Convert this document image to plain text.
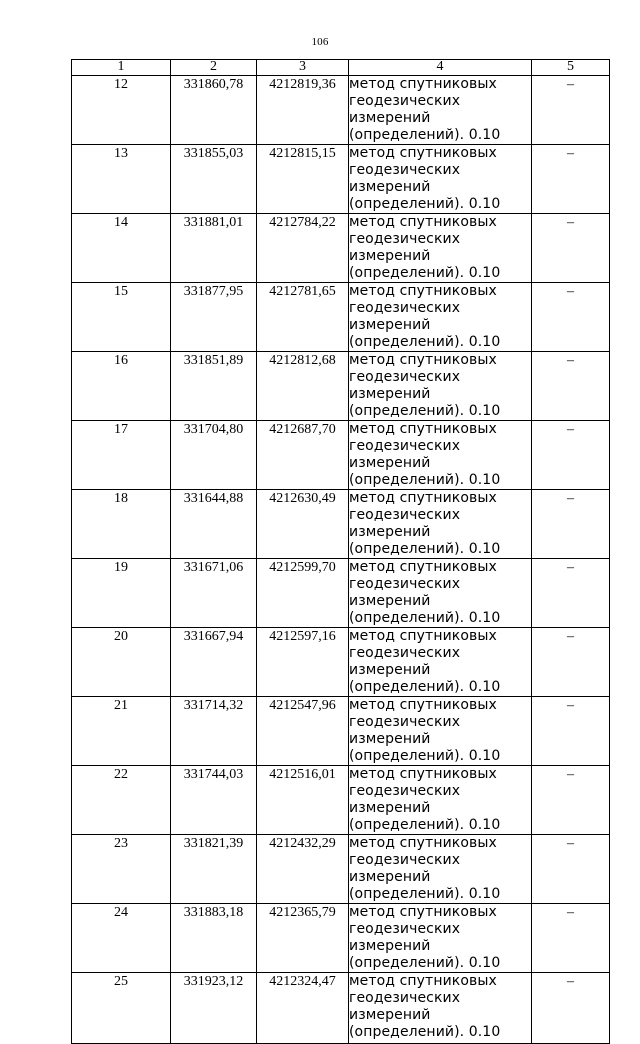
106
1	2	3	4	5
12	331860,78	4212819,36	метод спутниковых геодезических измерений (определений). 0.10	–
13	331855,03	4212815,15	метод спутниковых геодезических измерений (определений). 0.10	–
14	331881,01	4212784,22	метод спутниковых геодезических измерений (определений). 0.10	–
15	331877,95	4212781,65	метод спутниковых геодезических измерений (определений). 0.10	–
16	331851,89	4212812,68	метод спутниковых геодезических измерений (определений). 0.10	–
17	331704,80	4212687,70	метод спутниковых геодезических измерений (определений). 0.10	–
18	331644,88	4212630,49	метод спутниковых геодезических измерений (определений). 0.10	–
19	331671,06	4212599,70	метод спутниковых геодезических измерений (определений). 0.10	–
20	331667,94	4212597,16	метод спутниковых геодезических измерений (определений). 0.10	–
21	331714,32	4212547,96	метод спутниковых геодезических измерений (определений). 0.10	–
22	331744,03	4212516,01	метод спутниковых геодезических измерений (определений). 0.10	–
23	331821,39	4212432,29	метод спутниковых геодезических измерений (определений). 0.10	–
24	331883,18	4212365,79	метод спутниковых геодезических измерений (определений). 0.10	–
25	331923,12	4212324,47	метод спутниковых геодезических измерений (определений). 0.10	–
